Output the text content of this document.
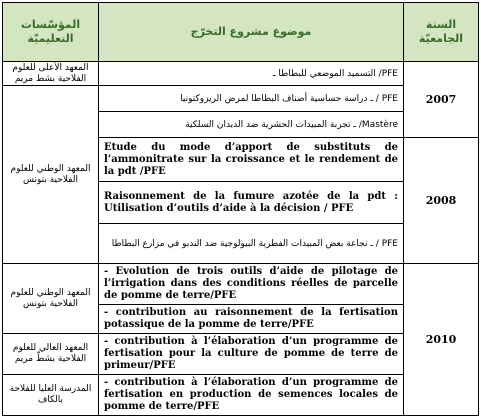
المؤسّسات التعليميّة	موضوع مشروع التخرّج	السنة الجامعيّة
المعهد الأعلى للعلوم الفلاحية بشط مريم	PFE/ التسميد الموضعي للبطاطا ـ	2007
المعهد الوطني للعلوم الفلاحية بتونس	PFE / ـ دراسة حساسية أصناف البطاطا لمرض الريزوكتونيا	
	Mastère/ ـ تجربة المبيدات الحشرية ضد الديدان السلكية	
	Etude du mode d’apport de substituts de l’ammonitrate sur la croissance et le rendement de la pdt /PFE	2008
	Raisonnement de la fumure azotée de la pdt : Utilisation d’outils d’aide à la décision / PFE	
	PFE / ـ نجاعة بعض المبيدات الفطرية البيولوجية ضد الندبو في مزارع البطاطا	
المعهد الوطني للعلوم الفلاحية بتونس	- Evolution de trois outils d’aide de pilotage de l’irrigation dans des conditions réelles de parcelle de pomme de terre/PFE	2010
	- contribution au raisonnement de la fertisation potassique de la pomme de terre/PFE	
المعهد العالي للعلوم الفلاحية بشطّ مريم	- contribution à l’élaboration d’un programme de fertisation pour la culture de pomme de terre de primeur/PFE	
المدرسة العليا للفلاحة بالكاف	- contribution à l’élaboration d’un programme de fertisation en production de semences locales de pomme de terre/PFE	
